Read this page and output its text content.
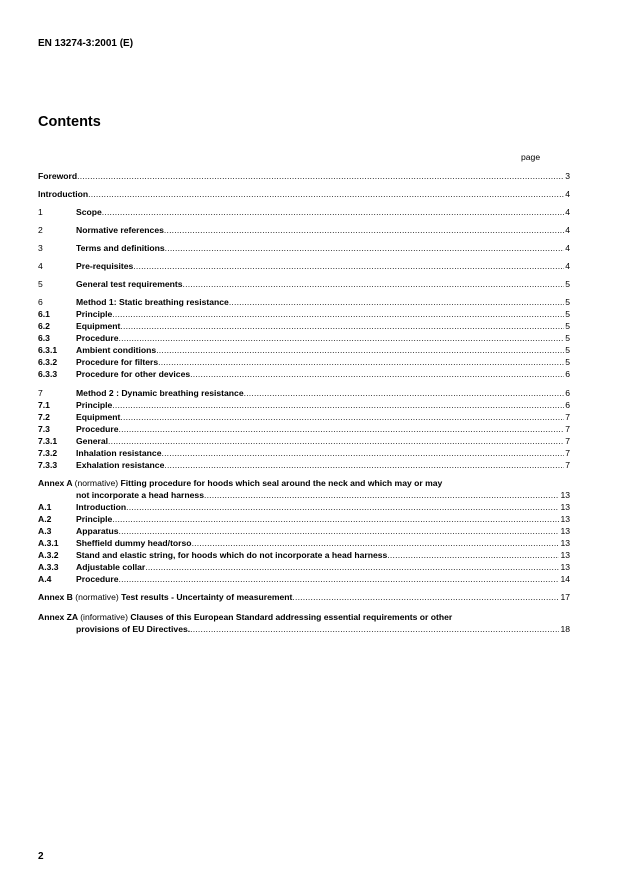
EN 13274-3:2001 (E)
Contents
page
Foreword .....	3
Introduction .....	4
1	Scope .....	4
2	Normative references .....	4
3	Terms and definitions .....	4
4	Pre-requisites .....	4
5	General test requirements .....	5
6	Method 1: Static breathing resistance .....	5
6.1	Principle .....	5
6.2	Equipment .....	5
6.3	Procedure .....	5
6.3.1	Ambient conditions .....	5
6.3.2	Procedure for filters .....	5
6.3.3	Procedure for other devices .....	6
7	Method 2 : Dynamic breathing resistance .....	6
7.1	Principle .....	6
7.2	Equipment .....	7
7.3	Procedure .....	7
7.3.1	General .....	7
7.3.2	Inhalation resistance .....	7
7.3.3	Exhalation resistance .....	7
Annex A (normative) Fitting procedure for hoods which seal around the neck and which may or may
not incorporate a head harness .....	13
A.1	Introduction .....	13
A.2	Principle .....	13
A.3	Apparatus .....	13
A.3.1	Sheffield dummy head/torso .....	13
A.3.2	Stand and elastic string, for hoods which do not incorporate a head harness .....	13
A.3.3	Adjustable collar .....	13
A.4	Procedure .....	14
Annex B (normative) Test results - Uncertainty of measurement .....	17
Annex ZA (informative) Clauses of this European Standard addressing essential requirements or other
provisions of EU Directives. .....	18
2
